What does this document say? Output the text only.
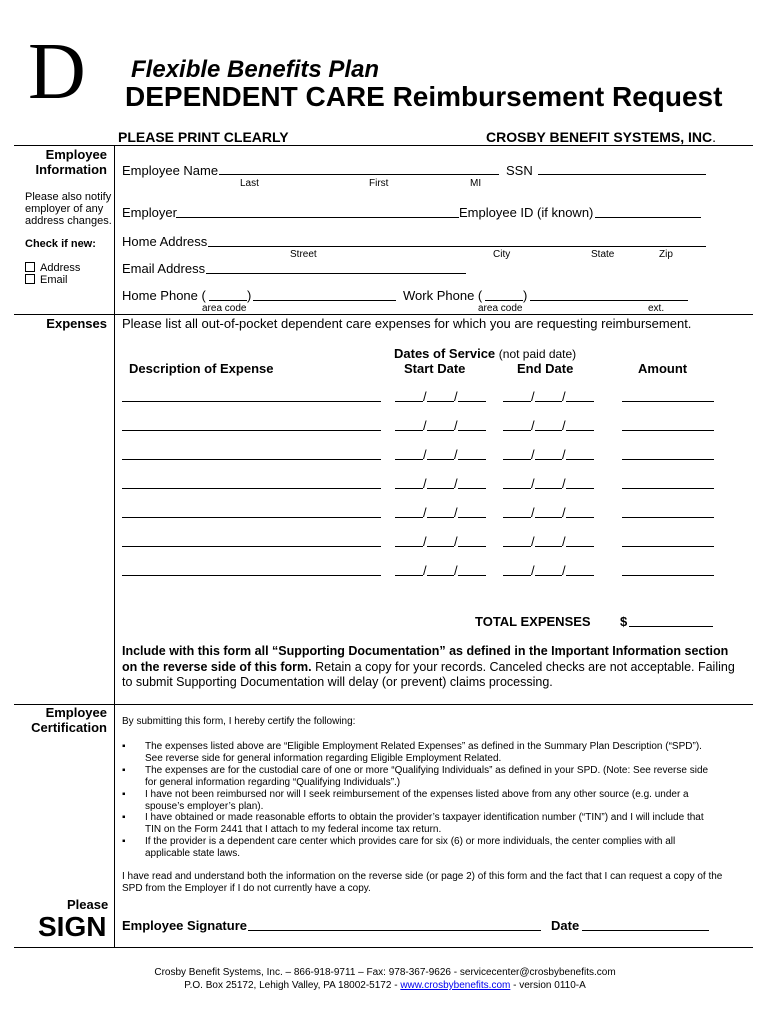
D Flexible Benefits Plan
DEPENDENT CARE Reimbursement Request
PLEASE PRINT CLEARLY	CROSBY BENEFIT SYSTEMS, INC.
Employee
Information
Please also notify
employer of any
address changes.
Check if new:
Address
Email
Employee Name	SSN
Last	First	MI
Employer	Employee ID (if known)
Home Address
Street	City	State	Zip
Email Address
Home Phone (	)	Work Phone (	)
area code	area code	ext.
Expenses Please list all out-of-pocket dependent care expenses for which you are requesting reimbursement.
Dates of Service (not paid date)
Description of Expense	Start Date	End Date	Amount
/ /	/ /
/ /	/ /
/ /	/ /
/ /	/ /
/ /	/ /
/ /	/ /
/ /	/ /
TOTAL EXPENSES $
Include with this form all “Supporting Documentation” as defined in the Important Information section on the reverse side of this form. Retain a copy for your records. Canceled checks are not acceptable. Failing to submit Supporting Documentation will delay (or prevent) claims processing.
Employee
Certification By submitting this form, I hereby certify the following:
▪ The expenses listed above are “Eligible Employment Related Expenses” as defined in the Summary Plan Description (“SPD”). See reverse side for general information regarding Eligible Employment Related.
▪ The expenses are for the custodial care of one or more “Qualifying Individuals” as defined in your SPD. (Note: See reverse side for general information regarding “Qualifying Individuals”.)
▪ I have not been reimbursed nor will I seek reimbursement of the expenses listed above from any other source (e.g. under a spouse’s employer’s plan).
▪ I have obtained or made reasonable efforts to obtain the provider’s taxpayer identification number (“TIN”) and I will include that TIN on the Form 2441 that I attach to my federal income tax return.
▪ If the provider is a dependent care center which provides care for six (6) or more individuals, the center complies with all applicable state laws.
I have read and understand both the information on the reverse side (or page 2) of this form and the fact that I can request a copy of the SPD from the Employer if I do not currently have a copy.
Please
SIGN Employee Signature	Date
Crosby Benefit Systems, Inc. – 866-918-9711 – Fax: 978-367-9626 - servicecenter@crosbybenefits.com
P.O. Box 25172, Lehigh Valley, PA 18002-5172 - www.crosbybenefits.com - version 0110-A
